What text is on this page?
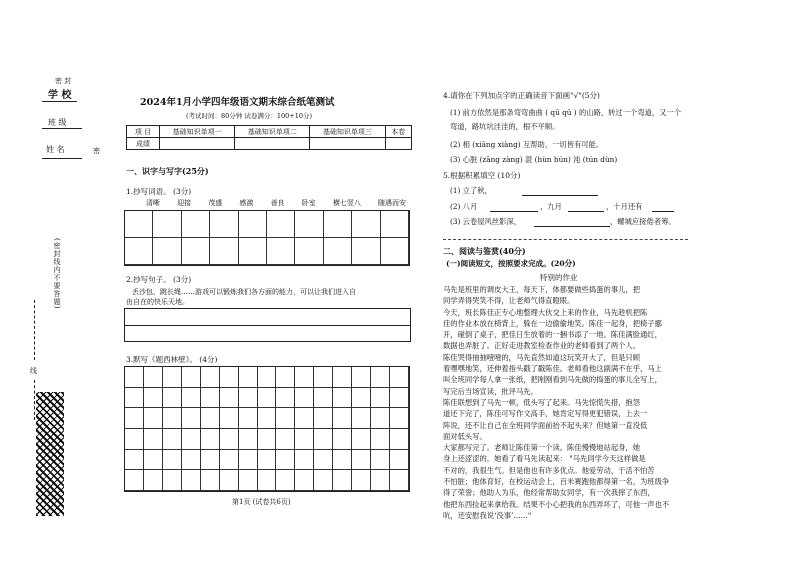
密 封
学 校
班 级
姓 名	密
(密封线内不要答题)
线
2024年1月小学四年级语文期末综合纸笔测试
(考试时间：80分钟 试卷满分：100+10分)
项 目	基础知识单项一	基础知识单项二	基础知识单项三	本卷
成绩				
一、识字与写字(25分)
1.抄写词语。 (3分)
清晰 迎接 茂盛 感激 善良 卧室 横七竖八 随遇而安
2.抄写句子。 (3分)
丢沙包、跳长绳……游戏可以锻炼我们各方面的能力，可以让我们进入自
由自在的快乐天地。
3.默写《题西林壁》。 (4分)
第1页 (试卷共6页)
4.请你在下列加点字的正确读音下面画"√"(5分)
(1) 前方依然是那条弯弯曲曲 ( qū qǔ ) 的山路，转过一个弯道，又一个
弯道，路坑坑洼洼的，根不平顺。
(2) 相 (xiāng xiàng) 互帮助，一切皆有可能。
(3) 心脏 (zāng zàng) 混 (hùn hún) 沌 (tún dùn)
5.根据积累填空 (10分)
(1) 立了秋，
(2) 八月	，九月	，十月还有
(3) 云卷屋风丝影深，	，螺城应接倦者筹。
二、阅读与鉴赏(40分)
(一)阅读短文，按照要求完成。(20分)
特别的作业
马先是班里的调皮大王，每天下，体都要做些捣蛋的事儿，把
同学弄得哭笑不得，让老师气得直瞪眼。
今天，班长陈佳正专心地整理大伙交上来的作业，马先趁机把陈
佳的作业本放在椅背上，躲在一边偷偷地笑。陈佳一起身，把椅子挪
开，碰倒了桌子，把佳日生放着的一捆书添了一地。陈佳满脸通红，
数据也弄脏了。正好走进教室检查作业的老师看到了两个人。
陈佳哭得抽抽噎噎的，马先直然如道这玩笑开大了，但是只顾
着嘿嘿地笑，还伸着指头戳了戳陈佳。老师看他这副满不在乎，马上
叫全班同学每人拿一张纸，把刚刚看到马先做的捣蛋的事儿全写上，
写完后当场宣读，批评马先。
陈佳联想到了马先一顿，低头写了起来。马先惊慌失措，抱怨
道还下完了，陈佳可写作文高手，她肯定写得更犯错误，上去一
阵说，还不让自己在全班同学面前抬不起头来？但她第一直没低
面对低头写。
大家都写完了。老师让陈佳第一个读。陈佳慢慢地站起身，她
身上还涩涩的，她看了看马先读起来： "马先同学今天这样做是
不对的，我很生气。但是他也有许多优点。他爱劳动，干活不怕苦
不怕脏；他体育好，在校运动会上，百米赛跑他都得第一名，为班级争
得了荣誉；他助人为乐，他经常帮助女同学，有一次我摔了东西，
他把东西捡起来拿给我。结果不小心把我的东西弄坏了，可他一声也不
吭，还安慰我说‘没事’……"
